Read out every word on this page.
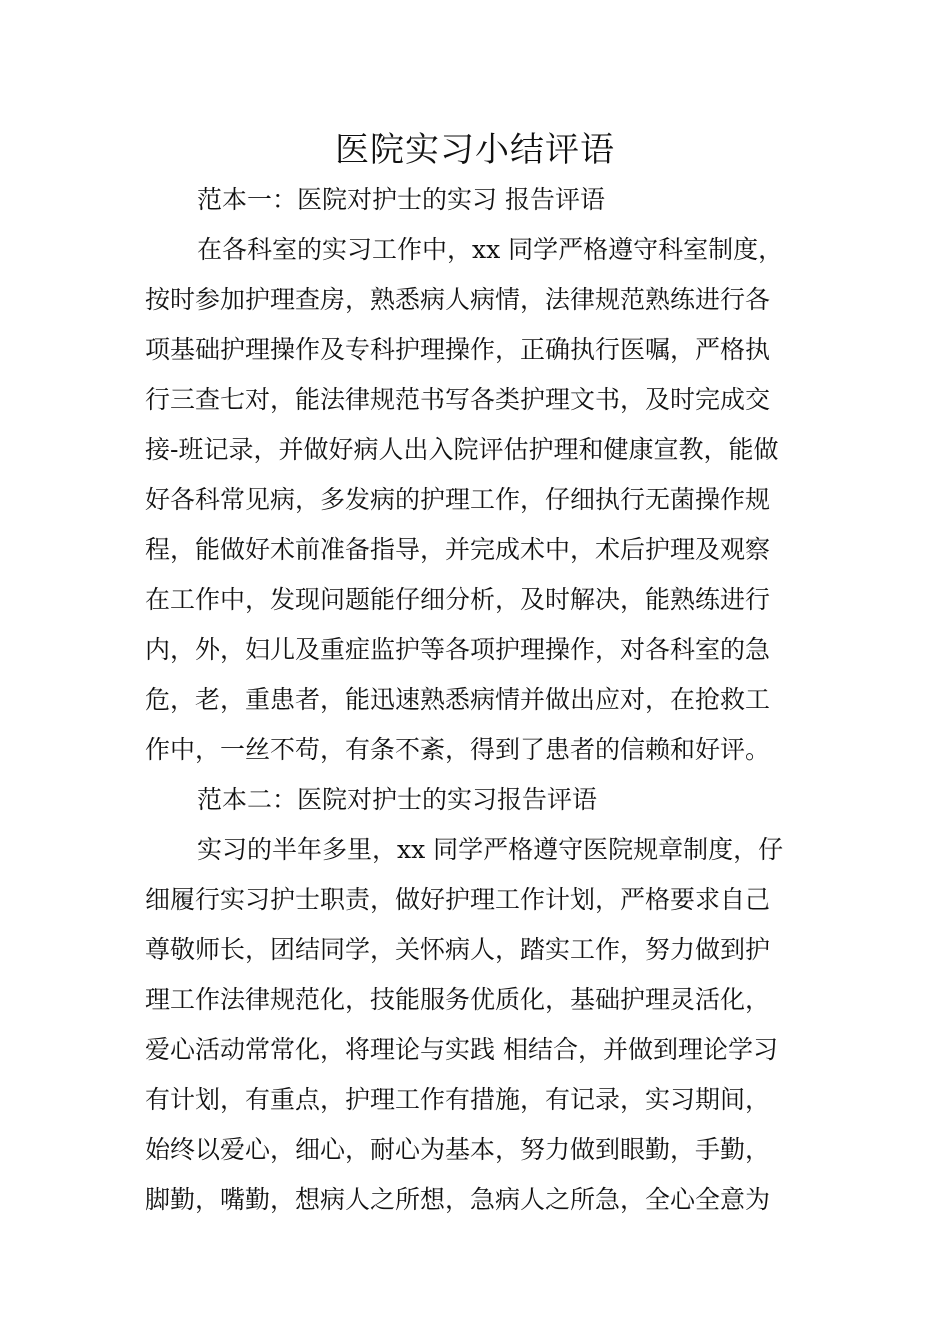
医院实习小结评语
范本一：医院对护士的实习 报告评语
在各科室的实习工作中，xx 同学严格遵守科室制度，
按时参加护理查房，熟悉病人病情，法律规范熟练进行各
项基础护理操作及专科护理操作，正确执行医嘱，严格执
行三查七对，能法律规范书写各类护理文书，及时完成交
接-班记录，并做好病人出入院评估护理和健康宣教，能做
好各科常见病，多发病的护理工作，仔细执行无菌操作规
程，能做好术前准备指导，并完成术中，术后护理及观察
在工作中，发现问题能仔细分析，及时解决，能熟练进行
内，外，妇儿及重症监护等各项护理操作，对各科室的急
危，老，重患者，能迅速熟悉病情并做出应对，在抢救工
作中，一丝不苟，有条不紊，得到了患者的信赖和好评。
范本二：医院对护士的实习报告评语
实习的半年多里，xx 同学严格遵守医院规章制度，仔
细履行实习护士职责，做好护理工作计划，严格要求自己
尊敬师长，团结同学，关怀病人，踏实工作，努力做到护
理工作法律规范化，技能服务优质化，基础护理灵活化，
爱心活动常常化，将理论与实践 相结合，并做到理论学习
有计划，有重点，护理工作有措施，有记录，实习期间，
始终以爱心，细心，耐心为基本，努力做到眼勤，手勤，
脚勤，嘴勤，想病人之所想，急病人之所急，全心全意为
